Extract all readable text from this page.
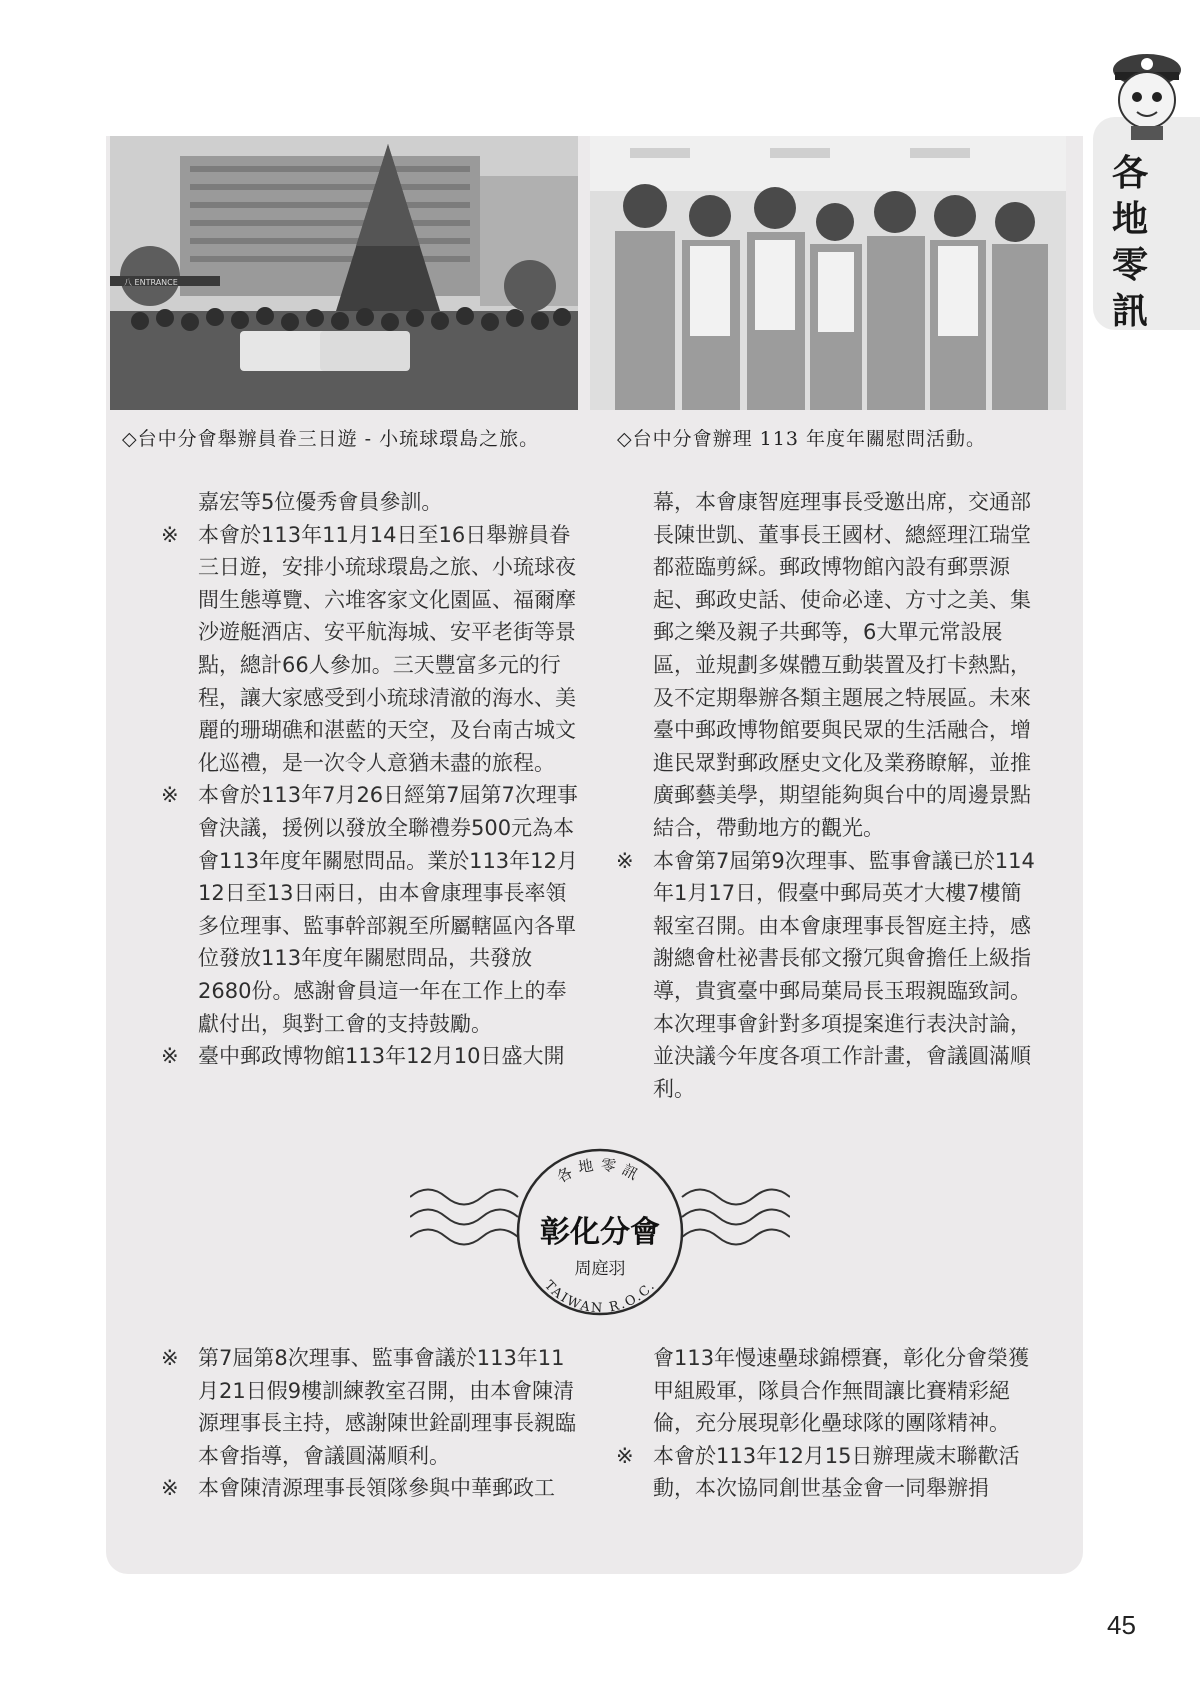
八 ENTRANCE
◇台中分會舉辦員眷三日遊 - 小琉球環島之旅。	◇台中分會辦理 113 年度年關慰問活動。
各地零訊

嘉宏等5位優秀會員參訓。

※ 本會於113年11月14日至16日舉辦員眷三日遊，安排小琉球環島之旅、小琉球夜間生態導覽、六堆客家文化園區、福爾摩沙遊艇酒店、安平航海城、安平老街等景點，總計66人參加。三天豐富多元的行程，讓大家感受到小琉球清澈的海水、美麗的珊瑚礁和湛藍的天空，及台南古城文化巡禮，是一次令人意猶未盡的旅程。

※ 本會於113年7月26日經第7屆第7次理事會決議，援例以發放全聯禮券500元為本會113年度年關慰問品。業於113年12月12日至13日兩日，由本會康理事長率領多位理事、監事幹部親至所屬轄區內各單位發放113年度年關慰問品，共發放2680份。感謝會員這一年在工作上的奉獻付出，與對工會的支持鼓勵。

※ 臺中郵政博物館113年12月10日盛大開

幕，本會康智庭理事長受邀出席，交通部長陳世凱、董事長王國材、總經理江瑞堂都蒞臨剪綵。郵政博物館內設有郵票源起、郵政史話、使命必達、方寸之美、集郵之樂及親子共郵等，6大單元常設展區，並規劃多媒體互動裝置及打卡熱點，及不定期舉辦各類主題展之特展區。未來臺中郵政博物館要與民眾的生活融合，增進民眾對郵政歷史文化及業務瞭解，並推廣郵藝美學，期望能夠與台中的周邊景點結合，帶動地方的觀光。

※ 本會第7屆第9次理事、監事會議已於114年1月17日，假臺中郵局英才大樓7樓簡報室召開。由本會康理事長智庭主持，感謝總會杜祕書長郁文撥冗與會擔任上級指導，貴賓臺中郵局葉局長玉瑕親臨致詞。本次理事會針對多項提案進行表決討論，並決議今年度各項工作計畫，會議圓滿順利。

各地零訊
彰化分會
周庭羽
TAIWAN R.O.C.

※ 第7屆第8次理事、監事會議於113年11月21日假9樓訓練教室召開，由本會陳清源理事長主持，感謝陳世銓副理事長親臨本會指導，會議圓滿順利。

※ 本會陳清源理事長領隊參與中華郵政工

會113年慢速壘球錦標賽，彰化分會榮獲甲組殿軍，隊員合作無間讓比賽精彩絕倫，充分展現彰化壘球隊的團隊精神。

※ 本會於113年12月15日辦理歲末聯歡活動，本次協同創世基金會一同舉辦捐

45
